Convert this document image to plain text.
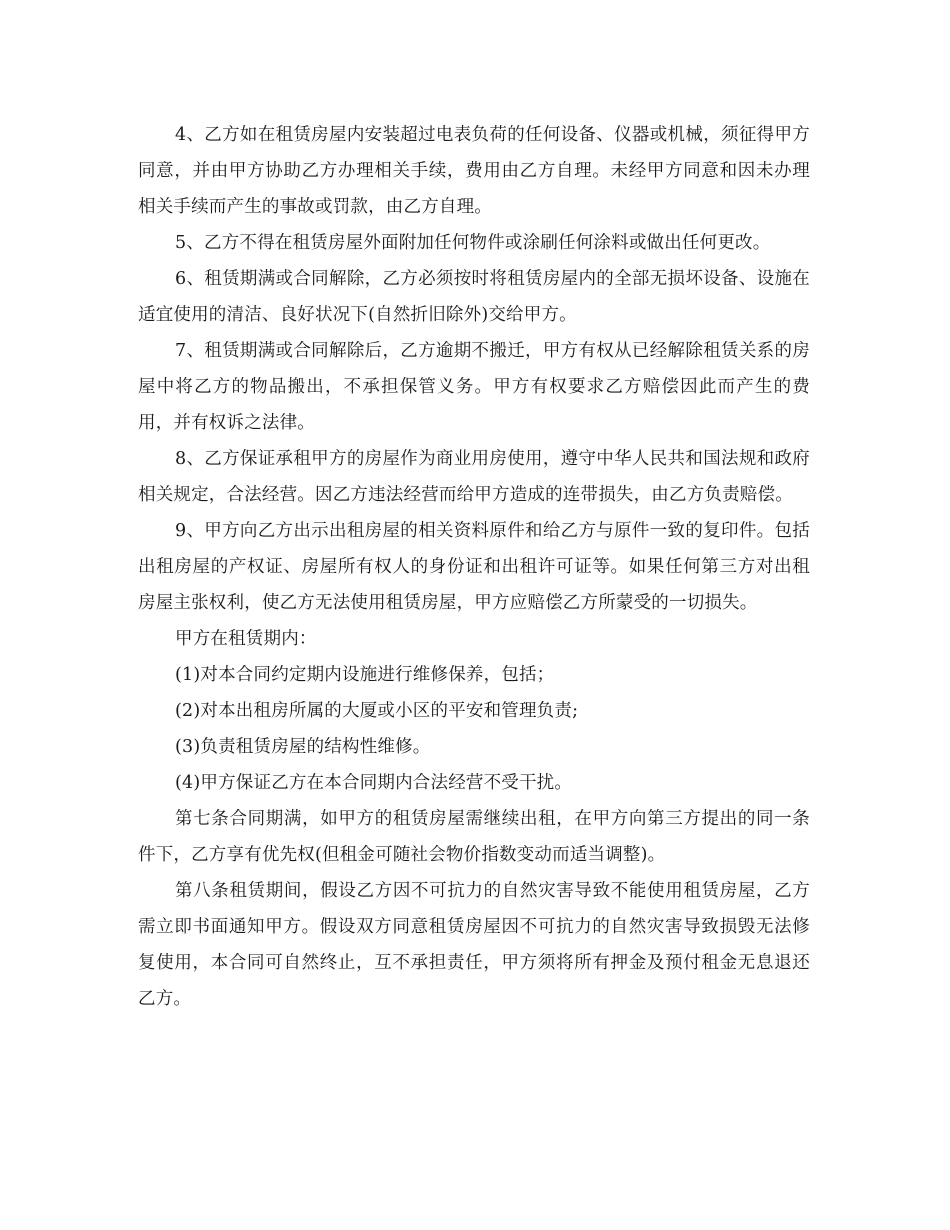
4、乙方如在租赁房屋内安装超过电表负荷的任何设备、仪器或机械，须征得甲方同意，并由甲方协助乙方办理相关手续，费用由乙方自理。未经甲方同意和因未办理相关手续而产生的事故或罚款，由乙方自理。

5、乙方不得在租赁房屋外面附加任何物件或涂刷任何涂料或做出任何更改。

6、租赁期满或合同解除，乙方必须按时将租赁房屋内的全部无损坏设备、设施在适宜使用的清洁、良好状况下(自然折旧除外)交给甲方。

7、租赁期满或合同解除后，乙方逾期不搬迁，甲方有权从已经解除租赁关系的房屋中将乙方的物品搬出，不承担保管义务。甲方有权要求乙方赔偿因此而产生的费用，并有权诉之法律。

8、乙方保证承租甲方的房屋作为商业用房使用，遵守中华人民共和国法规和政府相关规定，合法经营。因乙方违法经营而给甲方造成的连带损失，由乙方负责赔偿。

9、甲方向乙方出示出租房屋的相关资料原件和给乙方与原件一致的复印件。包括出租房屋的产权证、房屋所有权人的身份证和出租许可证等。如果任何第三方对出租房屋主张权利，使乙方无法使用租赁房屋，甲方应赔偿乙方所蒙受的一切损失。

甲方在租赁期内：

(1)对本合同约定期内设施进行维修保养，包括；

(2)对本出租房所属的大厦或小区的平安和管理负责;

(3)负责租赁房屋的结构性维修。

(4)甲方保证乙方在本合同期内合法经营不受干扰。

第七条合同期满，如甲方的租赁房屋需继续出租，在甲方向第三方提出的同一条件下，乙方享有优先权(但租金可随社会物价指数变动而适当调整)。

第八条租赁期间，假设乙方因不可抗力的自然灾害导致不能使用租赁房屋，乙方需立即书面通知甲方。假设双方同意租赁房屋因不可抗力的自然灾害导致损毁无法修复使用，本合同可自然终止，互不承担责任，甲方须将所有押金及预付租金无息退还乙方。
